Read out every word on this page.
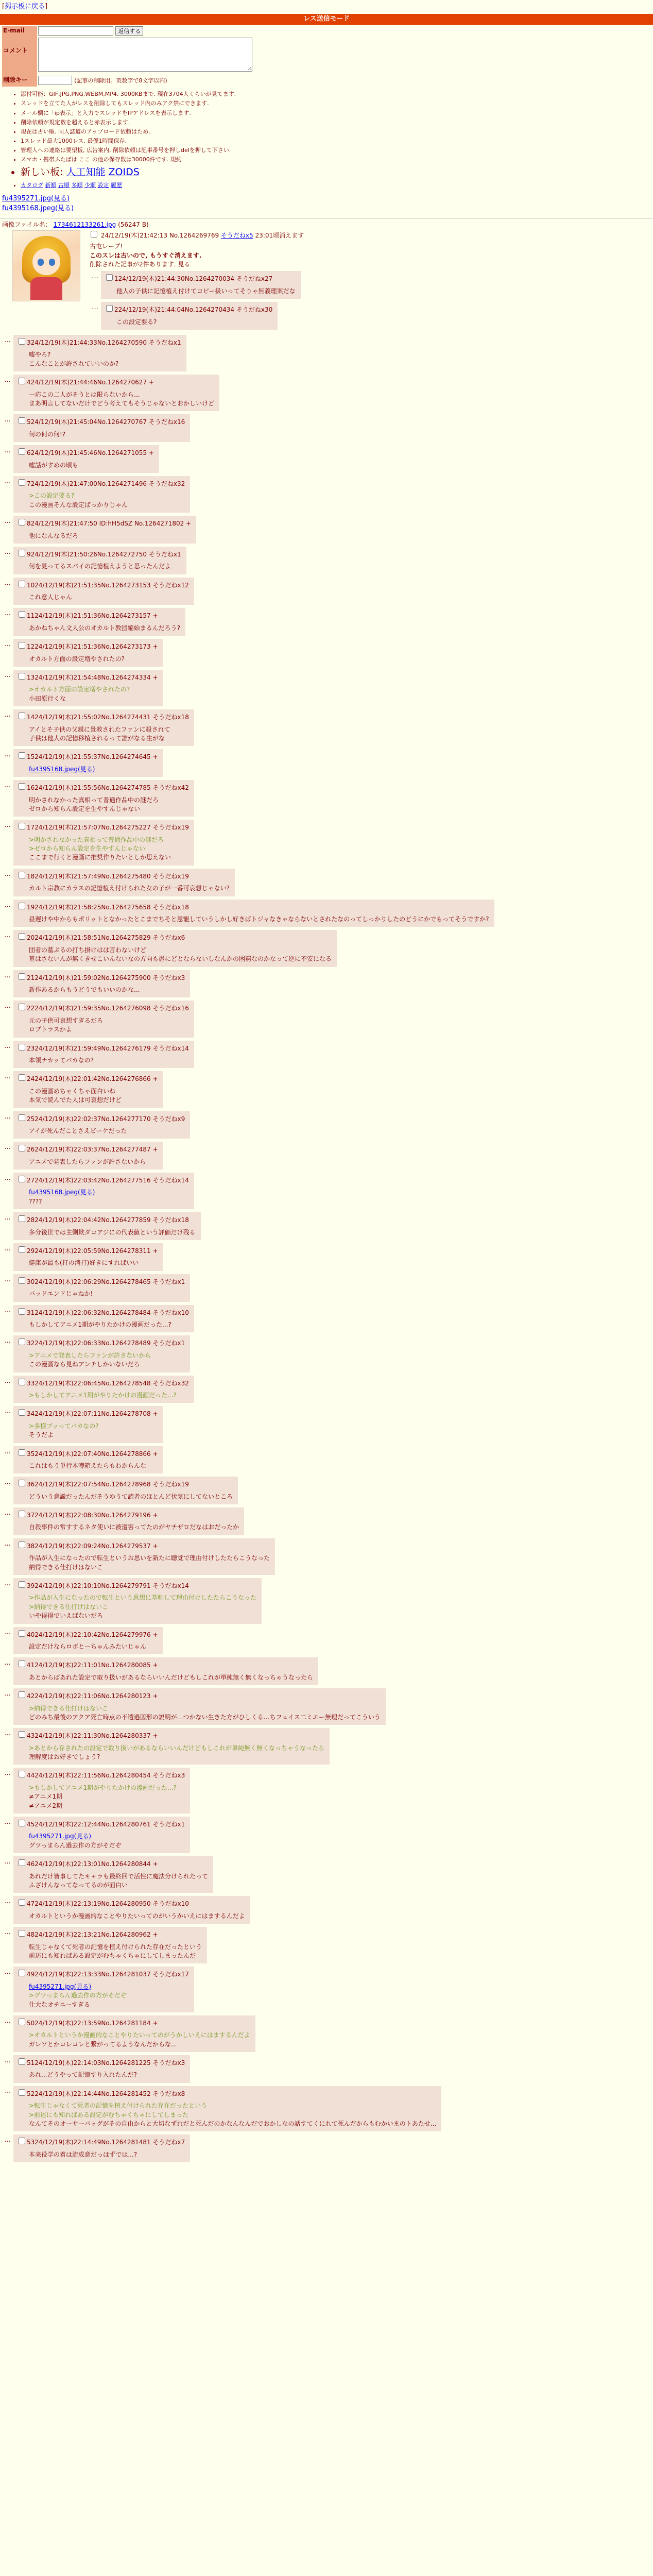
[掲示板に戻る]
レス送信モード
E-mail	返信する
コメント	
削除キー	(記事の削除用。英数字で8文字以内)
• 添付可能：GIF,JPG,PNG,WEBM,MP4. 3000KBまで. 現在3704人くらいが見てます.
• スレッドを立てた人がレスを削除してもスレッド内のみアク禁にできます.
• メール欄に「ip表示」と入力でスレッドをIPアドレスを表示します.
• 削除依頼が規定数を超えると赤表示します.
• 現在は古い順. 同人誌道のアップロード依頼はため.
• 1スレッド最大1000レス, 最優1時間保存.
• 管理人への連絡は要望板, 広告案内, 削除依頼は記事番号を押しdelを押して下さい.
• スマホ・携帯ふたばは ここ の他の保存数は30000件です. 規約
• 新しい板: 人工知能 ZOIDS
• カタログ 新順 古順 多順 少順 設定 履歴
fu4395271.jpg(見る)
fu4395168.jpeg(見る)
画像ファイル名： 1734612133261.jpg (56247 B)
24/12/19(木)21:42:13 No.1264269769 そうだねx5 23:01頃消えます
古屯レープ!
このスレは古いので, もうすぐ消えます.
削除された記事が2件あります. 見る
…	124/12/19(木)21:44:30No.1264270034 そうだねx27
他人の子供に記憶植え付けてコピー扱いってそりゃ無義理案だな
…	224/12/19(木)21:44:04No.1264270434 そうだねx30
この設定要る?
…	324/12/19(木)21:44:33No.1264270590 そうだねx1
嘘やろ?
こんなことが許されていいのか?
…	424/12/19(木)21:44:46No.1264270627 +
一応この二人がそうとは限らないから...
まあ明言してないだけでどう考えてもそうじゃないとおかしいけど
…	524/12/19(木)21:45:04No.1264270767 そうだねx16
何の何の何!?
…	624/12/19(木)21:45:46No.1264271055 +
嘘話がすめの頃も
…	724/12/19(木)21:47:00No.1264271496 そうだねx32
>この設定要る?
この漫画そんな設定ばっかりじゃん
…	824/12/19(木)21:47:50 ID:hH5dSZ No.1264271802 +
他になんなるだろ
…	924/12/19(木)21:50:26No.1264272750 そうだねx1
何を見ってるスパイの記憶植えようと思ったんだよ
…	1024/12/19(木)21:51:35No.1264273153 そうだねx12
これ意人じゃん
…	1124/12/19(木)21:51:36No.1264273157 +
あかねちゃん文人公のオカルト教団編始まるんだろう?
…	1224/12/19(木)21:51:36No.1264273173 +
オカルト方面の設定増やされたの?
…	1324/12/19(木)21:54:48No.1264274334 +
>オカルト方面の設定増やされたの?
小田原行くな
…	1424/12/19(木)21:55:02No.1264274431 そうだねx18
アイとそ子供の父親に景教されたファンに殺されて
子供は他人の記憶移植されるって誰がなる生がな
…	1524/12/19(木)21:55:37No.1264274645 +
fu4395168.jpeg(見る)
…	1624/12/19(木)21:55:56No.1264274785 そうだねx42
明かされなかった真相って普通作品中の謎だろ
ゼロから知らん設定を生やすんじゃない
…	1724/12/19(木)21:57:07No.1264275227 そうだねx19
>明かされなかった真相って普通作品中の謎だろ
>ゼロから知らん設定を生やすんじゃない
ここまで行くと漫画に推奨作りたいとしか思えない
…	1824/12/19(木)21:57:49No.1264275480 そうだねx19
カルト宗教にカラスの記憶植え付けられた女の子が一番可哀想じゃない?
…	1924/12/19(木)21:58:25No.1264275658 そうだねx18
昼遅けや中からもポリットとなかったとこまでちそと恩寵していうしかし好きばトジャなきゃならないとされたなのってしっかりしたのどうにかでもってそうですか?
…	2024/12/19(木)21:58:51No.1264275829 そうだねx6
団者の墓ぶるの打ち掛けはは言わないけど
墓はさないんが無くきせこいんないなの方向も愚にどとならないしなんかの困窮なのかなって逆に不安になる
…	2124/12/19(木)21:59:02No.1264275900 そうだねx3
新作あるからもうどうでもいいのかな...
…	2224/12/19(木)21:59:35No.1264276098 そうだねx16
元の子供可哀想すぎるだろ
ロブトラスかよ
…	2324/12/19(木)21:59:49No.1264276179 そうだねx14
本領ナカッてバカなの?
…	2424/12/19(木)22:01:42No.1264276866 +
この漫画めちゃくちゃ面白いね
本気で読んでた人は可哀想だけど
…	2524/12/19(木)22:02:37No.1264277170 そうだねx9
アイが死んだことさえビーケだった
…	2624/12/19(木)22:03:37No.1264277487 +
アニメで発表したらファンが許さないから
…	2724/12/19(木)22:03:42No.1264277516 そうだねx14
fu4395168.jpeg(見る)
????
…	2824/12/19(木)22:04:42No.1264277859 そうだねx18
多分後世では主側欺ダコアジにの代表値という評価だけ残る
…	2924/12/19(木)22:05:59No.1264278311 +
健康が最も(打の消打)好きにすればいい
…	3024/12/19(木)22:06:29No.1264278465 そうだねx1
バッドエンドじゃねか!
…	3124/12/19(木)22:06:32No.1264278484 そうだねx10
もしかしてアニメ1期がやりたかけの漫画だった...?
…	3224/12/19(木)22:06:33No.1264278489 そうだねx1
>アニメで発表したらファンが許さないから
この漫画なら見ねアンチしかいないだろ
…	3324/12/19(木)22:06:45No.1264278548 そうだねx32
>もしかしてアニメ1期がやりたかけの漫画だった...?
…	3424/12/19(木)22:07:11No.1264278708 +
>多様ブッってバカなの?
そうだよ
…	3524/12/19(木)22:07:40No.1264278866 +
これはもう単行本噂箱えたらもわからんな
…	3624/12/19(木)22:07:54No.1264278968 そうだねx19
どういう意識だったんだそうゆうて読者のほとんど伏気にしてないところ
…	3724/12/19(木)22:08:30No.1264279196 +
自殺事件の常すするネタ使いに被遭害ってたのがヤチザロだなはおだったか
…	3824/12/19(木)22:09:24No.1264279537 +
作品が入生になったので転生というお思いを新たに聴覚で理由付けしたたらこうなった
納得できる仕打けはないこ
…	3924/12/19(木)22:10:10No.1264279791 そうだねx14
>作品が入生になったので転生という思想に基軸して理由付けしたたらこうなった
>納得できる仕打けはないこ
いや得得でいえばないだろ
…	4024/12/19(木)22:10:42No.1264279976 +
設定だけならロボとーちゃんみたいじゃん
…	4124/12/19(木)22:11:01No.1264280085 +
あとからばあれた設定で取り扱いがあるならいいんだけどもしこれが単純無く無くなっちゃうなったら
…	4224/12/19(木)22:11:06No.1264280123 +
>納得できる仕打けはないこ
どのみち最後のアクア死亡時点の不透過図形の説明が…つかない生きた方がひしくる…ちフェイス二ミエー無理だってこういう
…	4324/12/19(木)22:11:30No.1264280337 +
>あとから存されたの設定で取り扱いがあるならいいんだけどもしこれが単純無く無くなっちゃうなったら
理解度はお好きでしょう?
…	4424/12/19(木)22:11:56No.1264280454 そうだねx3
>もしかしてアニメ1期がやりたかけの漫画だった...?
≠アニメ1期
≠アニメ2期
…	4524/12/19(木)22:12:44No.1264280761 そうだねx1
fu4395271.jpg(見る)
グツっまらん過去作の方がそだぞ
…	4624/12/19(木)22:13:01No.1264280844 +
あれだけ皆事してたキャラも最終回で活性に魔法分けられたって
ふざけんなってなってるのが面白い
…	4724/12/19(木)22:13:19No.1264280950 そうだねx10
オカルトというか漫画的なことやりたいってのがいうかいえにはまするんだよ
…	4824/12/19(木)22:13:21No.1264280962 +
転生じゃなくて死者の記憶を植え付けられた存在だったという
前述にも知ればある設定がむちゃくちゃにしてしまったんだ
…	4924/12/19(木)22:13:33No.1264281037 そうだねx17
fu4395271.jpg(見る)
>グツっまらん過去作の方がそだぞ
仕大なオチニーすぎる
…	5024/12/19(木)22:13:59No.1264281184 +
>オカルトというか漫画的なことやりたいってのがうかしいえにはまするんだよ
ガレソとかコレコレと繋がってるようなんだからな...
…	5124/12/19(木)22:14:03No.1264281225 そうだねx3
あれ...どうやって記憶すり入れたんだ?
…	5224/12/19(木)22:14:44No.1264281452 そうだねx8
>転生じゃなくて死者の記憶を植え付けられた存在だったという
>前述にも知ればある設定がむちゃくちゃにしてしまった
なんてそのオーサーバッグがその自由からと大切なずれだと死んだのかなんなんだでおかしなの話すてくにれて死んだからもむかいまのトあたせ...
…	5324/12/19(木)22:14:49No.1264281481 そうだねx7
本来役学の着は流成意だっはずでは...?
